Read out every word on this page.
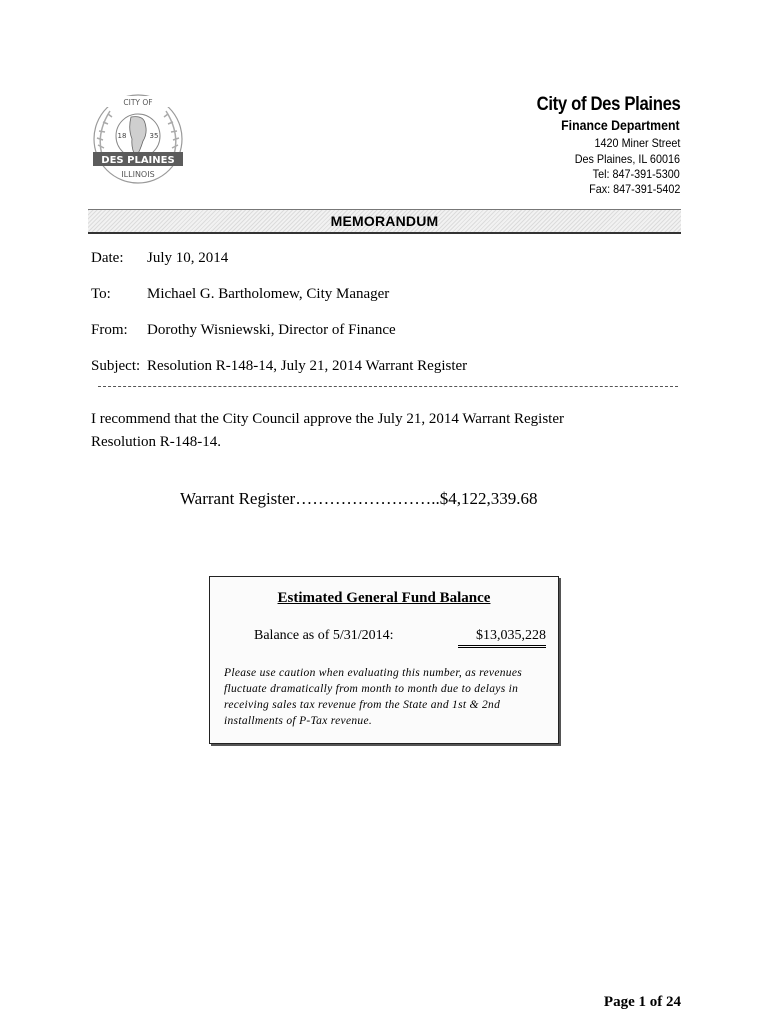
CITY OF
18	35
DES PLAINES
ILLINOIS
City of Des Plaines
Finance Department
1420 Miner Street
Des Plaines, IL 60016
Tel: 847-391-5300
Fax: 847-391-5402
MEMORANDUM
Date: July 10, 2014
To: Michael G. Bartholomew, City Manager
From: Dorothy Wisniewski, Director of Finance
Subject: Resolution R-148-14, July 21, 2014 Warrant Register
I recommend that the City Council approve the July 21, 2014 Warrant Register
Resolution R-148-14.
Warrant Register……………………..$4,122,339.68
Estimated General Fund Balance
Balance as of 5/31/2014:	$13,035,228
Please use caution when evaluating this number, as revenues
fluctuate dramatically from month to month due to delays in
receiving sales tax revenue from the State and 1st & 2nd
installments of P-Tax revenue.
Page 1 of 24
